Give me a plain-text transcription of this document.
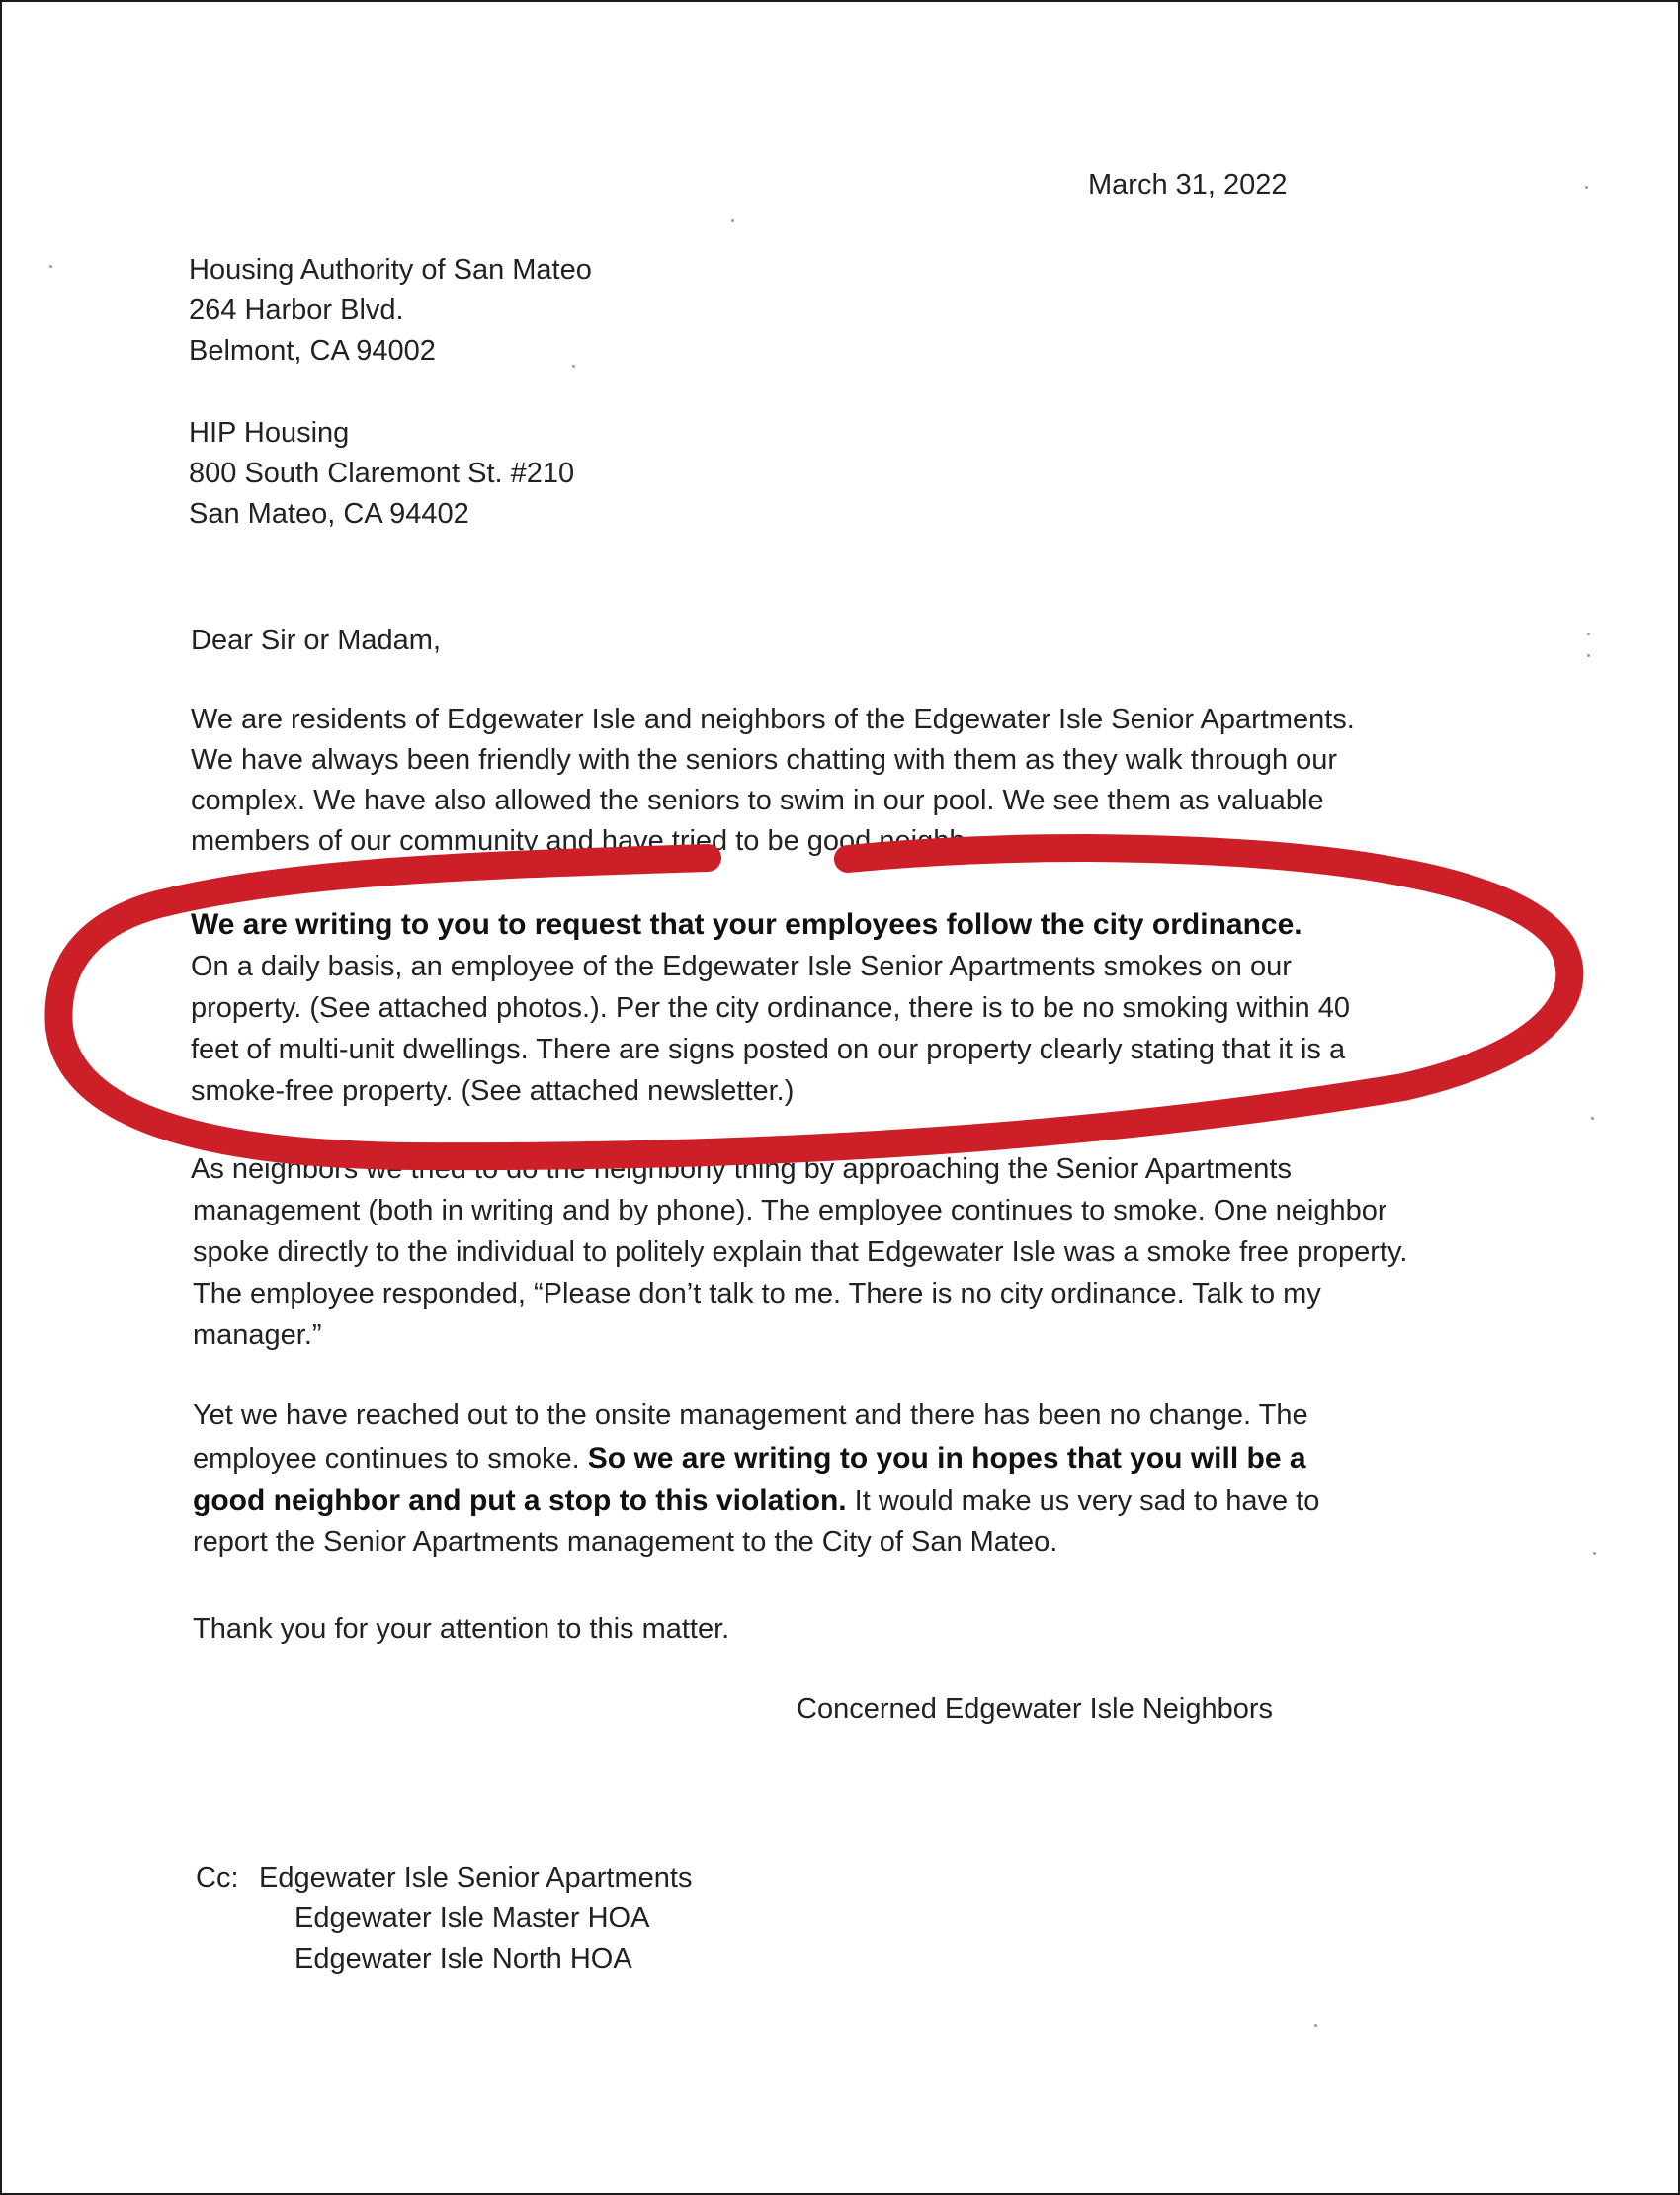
March 31, 2022

Housing Authority of San Mateo

264 Harbor Blvd.

Belmont, CA 94002

HIP Housing

800 South Claremont St. #210

San Mateo, CA 94402

Dear Sir or Madam,

We are residents of Edgewater Isle and neighbors of the Edgewater Isle Senior Apartments.

We have always been friendly with the seniors chatting with them as they walk through our

complex. We have also allowed the seniors to swim in our pool. We see them as valuable

members of our community and have tried to be good neighb

We are writing to you to request that your employees follow the city ordinance.

On a daily basis, an employee of the Edgewater Isle Senior Apartments smokes on our

property. (See attached photos.). Per the city ordinance, there is to be no smoking within 40

feet of multi-unit dwellings. There are signs posted on our property clearly stating that it is a

smoke-free property. (See attached newsletter.)

As neighbors we tried to do the neighborly thing by approaching the Senior Apartments

management (both in writing and by phone). The employee continues to smoke. One neighbor

spoke directly to the individual to politely explain that Edgewater Isle was a smoke free property.

The employee responded, “Please don’t talk to me. There is no city ordinance. Talk to my

manager.”

Yet we have reached out to the onsite management and there has been no change. The

employee continues to smoke. So we are writing to you in hopes that you will be a

good neighbor and put a stop to this violation. It would make us very sad to have to

report the Senior Apartments management to the City of San Mateo.

Thank you for your attention to this matter.

Concerned Edgewater Isle Neighbors

Cc: Edgewater Isle Senior Apartments

Edgewater Isle Master HOA

Edgewater Isle North HOA
